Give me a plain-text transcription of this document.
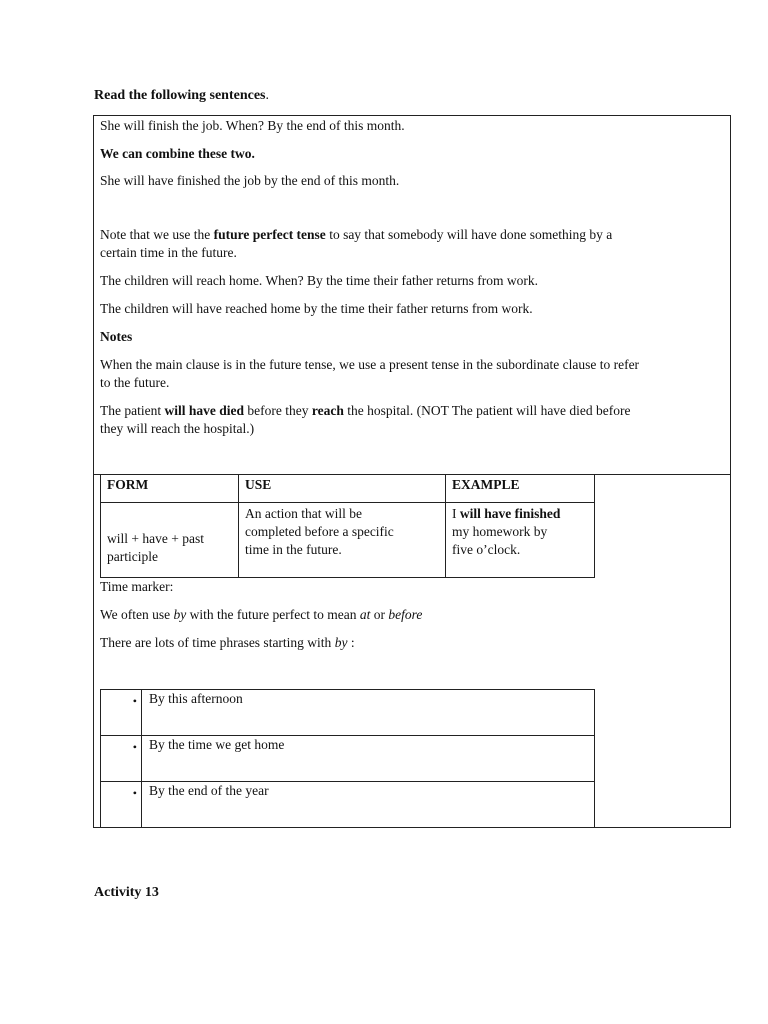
Read the following sentences.
She will finish the job. When? By the end of this month.
We can combine these two.
She will have finished the job by the end of this month.
Note that we use the future perfect tense to say that somebody will have done something by a
certain time in the future.
The children will reach home. When? By the time their father returns from work.
The children will have reached home by the time their father returns from work.
Notes
When the main clause is in the future tense, we use a present tense in the subordinate clause to refer
to the future.
The patient will have died before they reach the hospital. (NOT The patient will have died before
they will reach the hospital.)
FORM	USE	EXAMPLE

will + have + past
participle	An action that will be
completed before a specific
time in the future.	I will have finished
my homework by
five o’clock.
Time marker:
We often use by with the future perfect to mean at or before
There are lots of time phrases starting with by :
•	By this afternoon

•	By the time we get home

•	By the end of the year
Activity 13
